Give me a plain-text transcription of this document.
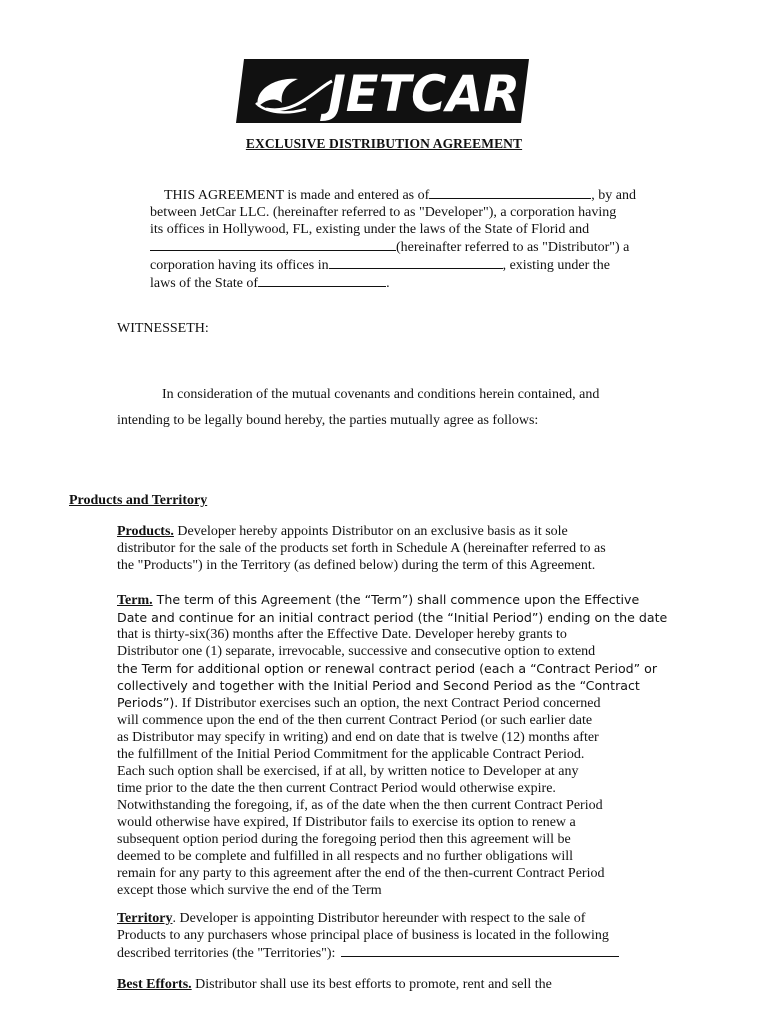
JETCAR
EXCLUSIVE DISTRIBUTION AGREEMENT
THIS AGREEMENT is made and entered as of	, by and
between JetCar LLC. (hereinafter referred to as "Developer"), a corporation having
its offices in Hollywood, FL, existing under the laws of the State of Florid and
(hereinafter referred to as "Distributor") a
corporation having its offices in	, existing under the
laws of the State of	.
WITNESSETH:
In consideration of the mutual covenants and conditions herein contained, and
intending to be legally bound hereby, the parties mutually agree as follows:
Products and Territory
Products. Developer hereby appoints Distributor on an exclusive basis as it sole
distributor for the sale of the products set forth in Schedule A (hereinafter referred to as
the "Products") in the Territory (as defined below) during the term of this Agreement.
Term. The term of this Agreement (the “Term”) shall commence upon the Effective
Date and continue for an initial contract period (the “Initial Period”) ending on the date
that is thirty-six(36) months after the Effective Date. Developer hereby grants to
Distributor one (1) separate, irrevocable, successive and consecutive option to extend
the Term for additional option or renewal contract period (each a “Contract Period” or
collectively and together with the Initial Period and Second Period as the “Contract
Periods”). If Distributor exercises such an option, the next Contract Period concerned
will commence upon the end of the then current Contract Period (or such earlier date
as Distributor may specify in writing) and end on date that is twelve (12) months after
the fulfillment of the Initial Period Commitment for the applicable Contract Period.
Each such option shall be exercised, if at all, by written notice to Developer at any
time prior to the date the then current Contract Period would otherwise expire.
Notwithstanding the foregoing, if, as of the date when the then current Contract Period
would otherwise have expired, If Distributor fails to exercise its option to renew a
subsequent option period during the foregoing period then this agreement will be
deemed to be complete and fulfilled in all respects and no further obligations will
remain for any party to this agreement after the end of the then-current Contract Period
except those which survive the end of the Term
Territory. Developer is appointing Distributor hereunder with respect to the sale of
Products to any purchasers whose principal place of business is located in the following
described territories (the "Territories"):
Best Efforts. Distributor shall use its best efforts to promote, rent and sell the
